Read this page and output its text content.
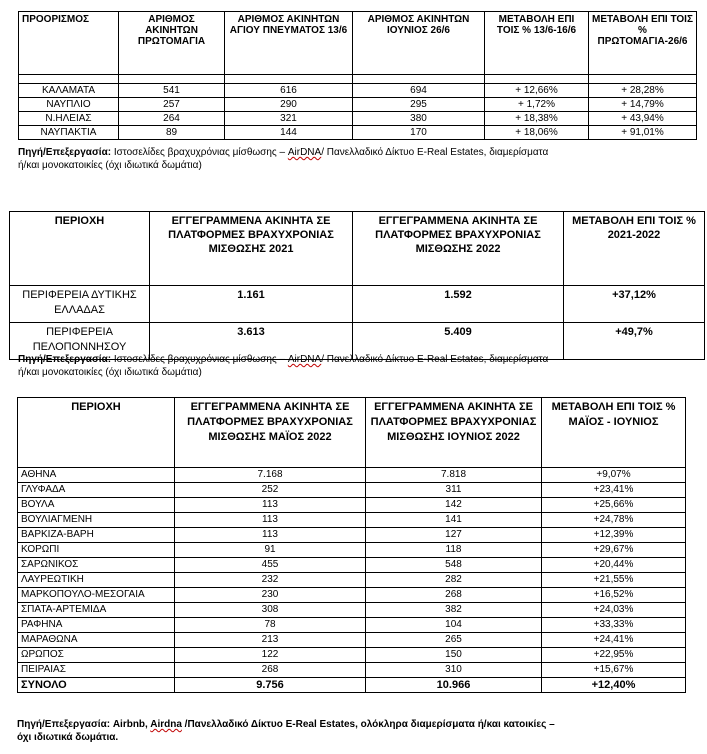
ΠΡΟΟΡΙΣΜΟΣ	ΑΡΙΘΜΟΣ ΑΚΙΝΗΤΩΝ ΠΡΩΤΟΜΑΓΙΑ	ΑΡΙΘΜΟΣ ΑΚΙΝΗΤΩΝ ΑΓΙΟΥ ΠΝΕΥΜΑΤΟΣ 13/6	ΑΡΙΘΜΟΣ ΑΚΙΝΗΤΩΝ ΙΟΥΝΙΟΣ 26/6	ΜΕΤΑΒΟΛΗ ΕΠΙ ΤΟΙΣ % 13/6-16/6	ΜΕΤΑΒΟΛΗ ΕΠΙ ΤΟΙΣ % ΠΡΩΤΟΜΑΓΙΑ-26/6

ΚΑΛΑΜΑΤΑ	541	616	694	+ 12,66%	+ 28,28%
ΝΑΥΠΛΙΟ	257	290	295	+ 1,72%	+ 14,79%
Ν.ΗΛΕΙΑΣ	264	321	380	+ 18,38%	+ 43,94%
ΝΑΥΠΑΚΤΙΑ	89	144	170	+ 18,06%	+ 91,01%
Πηγή/Επεξεργασία: Ιστοσελίδες βραχυχρόνιας μίσθωσης – AirDNA/ Πανελλαδικό Δίκτυο E-Real Estates, διαμερίσματα
ή/και μονοκατοικίες (όχι ιδιωτικά δωμάτια)
ΠΕΡΙΟΧΗ	ΕΓΓΕΓΡΑΜΜΕΝΑ ΑΚΙΝΗΤΑ ΣΕ ΠΛΑΤΦΟΡΜΕΣ ΒΡΑΧΥΧΡΟΝΙΑΣ ΜΙΣΘΩΣΗΣ 2021	ΕΓΓΕΓΡΑΜΜΕΝΑ ΑΚΙΝΗΤΑ ΣΕ ΠΛΑΤΦΟΡΜΕΣ ΒΡΑΧΥΧΡΟΝΙΑΣ ΜΙΣΘΩΣΗΣ 2022	ΜΕΤΑΒΟΛΗ ΕΠΙ ΤΟΙΣ % 2021-2022
ΠΕΡΙΦΕΡΕΙΑ ΔΥΤΙΚΗΣ ΕΛΛΑΔΑΣ	1.161	1.592	+37,12%
ΠΕΡΙΦΕΡΕΙΑ ΠΕΛΟΠΟΝΝΗΣΟΥ	3.613	5.409	+49,7%
Πηγή/Επεξεργασία: Ιστοσελίδες βραχυχρόνιας μίσθωσης – AirDNA/ Πανελλαδικό Δίκτυο E-Real Estates, διαμερίσματα
ή/και μονοκατοικίες (όχι ιδιωτικά δωμάτια)
ΠΕΡΙΟΧΗ	ΕΓΓΕΓΡΑΜΜΕΝΑ ΑΚΙΝΗΤΑ ΣΕ ΠΛΑΤΦΟΡΜΕΣ ΒΡΑΧΥΧΡΟΝΙΑΣ ΜΙΣΘΩΣΗΣ ΜΑΪΟΣ 2022	ΕΓΓΕΓΡΑΜΜΕΝΑ ΑΚΙΝΗΤΑ ΣΕ ΠΛΑΤΦΟΡΜΕΣ ΒΡΑΧΥΧΡΟΝΙΑΣ ΜΙΣΘΩΣΗΣ ΙΟΥΝΙΟΣ 2022	ΜΕΤΑΒΟΛΗ ΕΠΙ ΤΟΙΣ % ΜΑΪΟΣ - ΙΟΥΝΙΟΣ
ΑΘΗΝΑ	7.168	7.818	+9,07%
ΓΛΥΦΑΔΑ	252	311	+23,41%
ΒΟΥΛΑ	113	142	+25,66%
ΒΟΥΛΙΑΓΜΕΝΗ	113	141	+24,78%
ΒΑΡΚΙΖΑ-ΒΑΡΗ	113	127	+12,39%
ΚΟΡΩΠΙ	91	118	+29,67%
ΣΑΡΩΝΙΚΟΣ	455	548	+20,44%
ΛΑΥΡΕΩΤΙΚΗ	232	282	+21,55%
ΜΑΡΚΟΠΟΥΛΟ-ΜΕΣΟΓΑΙΑ	230	268	+16,52%
ΣΠΑΤΑ-ΑΡΤΕΜΙΔΑ	308	382	+24,03%
ΡΑΦΗΝΑ	78	104	+33,33%
ΜΑΡΑΘΩΝΑ	213	265	+24,41%
ΩΡΩΠΟΣ	122	150	+22,95%
ΠΕΙΡΑΙΑΣ	268	310	+15,67%
ΣΥΝΟΛΟ	9.756	10.966	+12,40%
Πηγή/Επεξεργασία: Airbnb, Airdna /Πανελλαδικό Δίκτυο E-Real Estates, ολόκληρα διαμερίσματα ή/και κατοικίες –
όχι ιδιωτικά δωμάτια.
